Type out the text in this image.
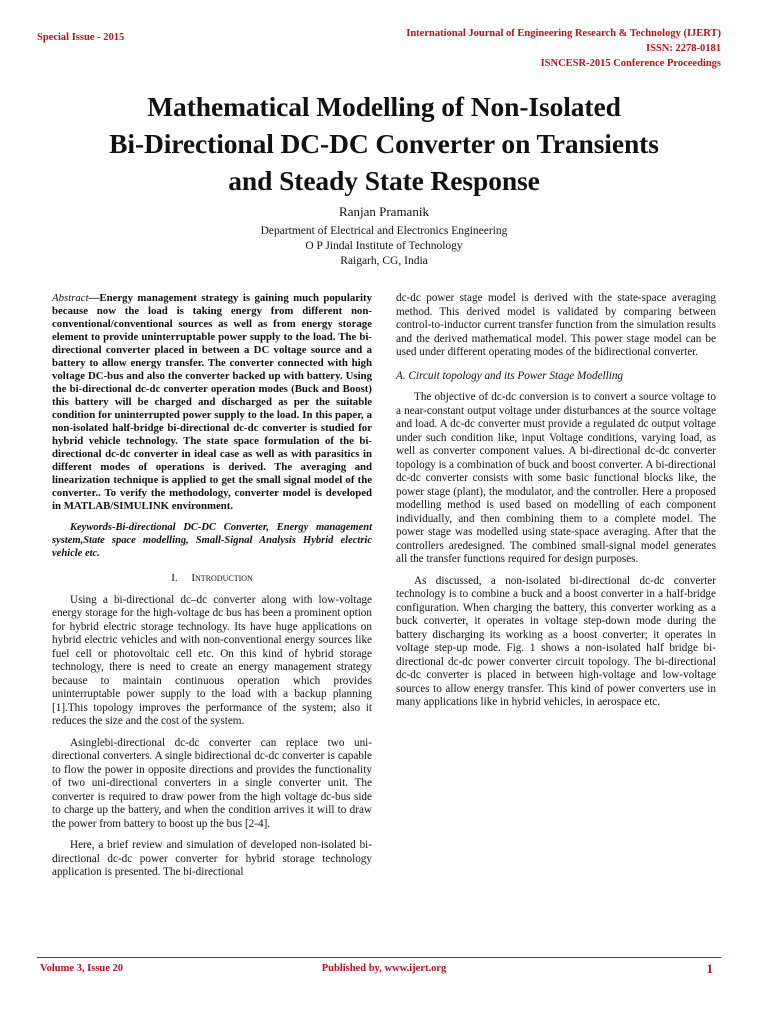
Special Issue - 2015	International Journal of Engineering Research & Technology (IJERT)
ISSN: 2278-0181
ISNCESR-2015 Conference Proceedings
Mathematical Modelling of Non-Isolated
Bi-Directional DC-DC Converter on Transients
and Steady State Response
Ranjan Pramanik
Department of Electrical and Electronics Engineering
O P Jindal Institute of Technology
Raigarh, CG, India

Abstract—Energy management strategy is gaining much popularity because now the load is taking energy from different non-conventional/conventional sources as well as from energy storage element to provide uninterruptable power supply to the load. The bi-directional converter placed in between a DC voltage source and a battery to allow energy transfer. The converter connected with high voltage DC-bus and also the converter backed up with battery. Using the bi-directional dc-dc converter operation modes (Buck and Boost) this battery will be charged and discharged as per the suitable condition for uninterrupted power supply to the load. In this paper, a non-isolated half-bridge bi-directional dc-dc converter is studied for hybrid vehicle technology. The state space formulation of the bi-directional dc-dc converter in ideal case as well as with parasitics in different modes of operations is derived. The averaging and linearization technique is applied to get the small signal model of the converter.. To verify the methodology, converter model is developed in MATLAB/SIMULINK environment.

Keywords-Bi-directional DC-DC Converter, Energy management system,State space modelling, Small-Signal Analysis Hybrid electric vehicle etc.

I. Introduction

Using a bi-directional dc–dc converter along with low-voltage energy storage for the high-voltage dc bus has been a prominent option for hybrid electric storage technology. Its have huge applications on hybrid electric vehicles and with non-conventional energy sources like fuel cell or photovoltaic cell etc. On this kind of hybrid storage technology, there is need to create an energy management strategy because to maintain continuous operation which provides uninterruptable power supply to the load with a backup planning [1].This topology improves the performance of the system; also it reduces the size and the cost of the system.

Asinglebi-directional dc-dc converter can replace two uni-directional converters. A single bidirectional dc-dc converter is capable to flow the power in opposite directions and provides the functionality of two uni-directional converters in a single converter unit. The converter is required to draw power from the high voltage dc-bus side to charge up the battery, and when the condition arrives it will to draw the power from battery to boost up the bus [2-4].

Here, a brief review and simulation of developed non-isolated bi-directional dc-dc power converter for hybrid storage technology application is presented. The bi-directional

dc-dc power stage model is derived with the state-space averaging method. This derived model is validated by comparing between control-to-inductor current transfer function from the simulation results and the derived mathematical model. This power stage model can be used under different operating modes of the bidirectional converter.

A. Circuit topology and its Power Stage Modelling

The objective of dc-dc conversion is to convert a source voltage to a near-constant output voltage under disturbances at the source voltage and load. A dc-dc converter must provide a regulated dc output voltage under such condition like, input Voltage conditions, varying load, as well as converter component values. A bi-directional dc-dc converter topology is a combination of buck and boost converter. A bi-directional dc-dc converter consists with some basic functional blocks like, the power stage (plant), the modulator, and the controller. Here a proposed modelling method is used based on modelling of each component individually, and then combining them to a complete model. The power stage was modelled using state-space averaging. After that the controllers aredesigned. The combined small-signal model generates all the transfer functions required for design purposes.

As discussed, a non-isolated bi-directional dc-dc converter technology is to combine a buck and a boost converter in a half-bridge configuration. When charging the battery, this converter working as a buck converter, it operates in voltage step-down mode during the battery discharging its working as a boost converter; it operates in voltage step-up mode. Fig. 1 shows a non-isolated half bridge bi-directional dc-dc power converter circuit topology. The bi-directional dc-dc converter is placed in between high-voltage and low-voltage sources to allow energy transfer. This kind of power converters use in many applications like in hybrid vehicles, in aerospace etc.

Volume 3, Issue 20	Published by, www.ijert.org	1
